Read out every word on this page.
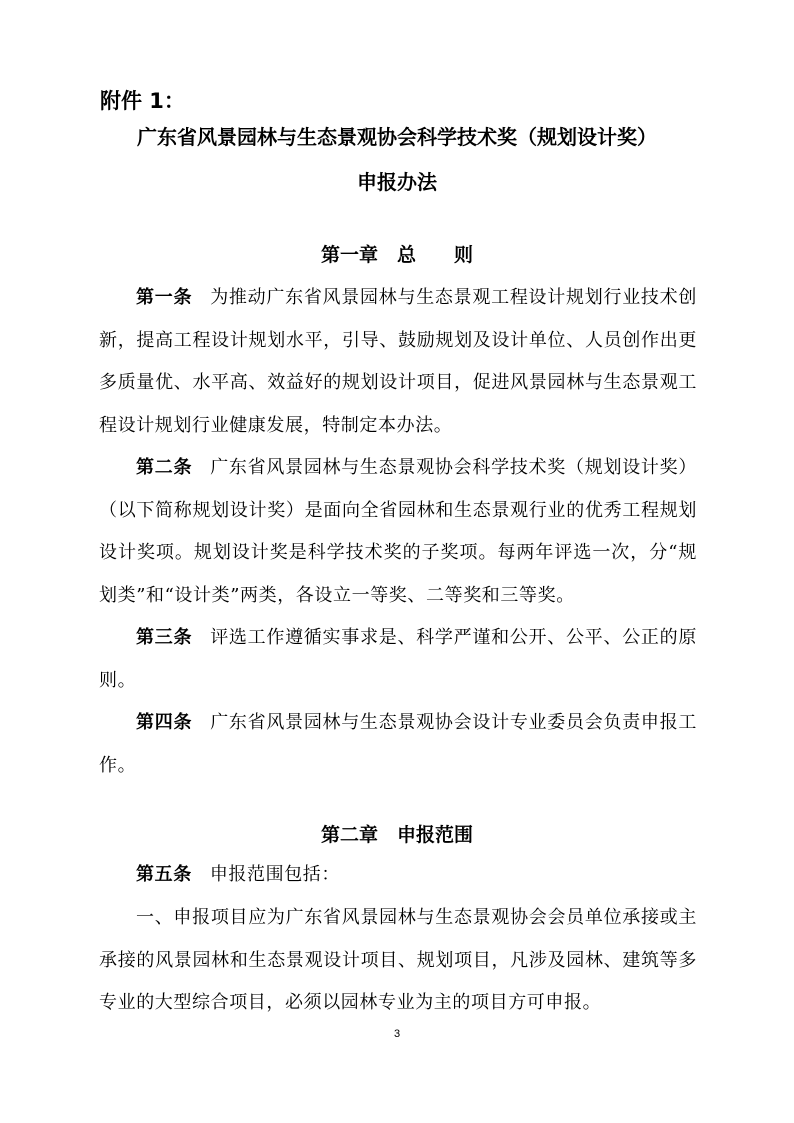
附件 1：
广东省风景园林与生态景观协会科学技术奖（规划设计奖）
申报办法
第一章　总　　则

第一条 为推动广东省风景园林与生态景观工程设计规划行业技术创新，提高工程设计规划水平，引导、鼓励规划及设计单位、人员创作出更多质量优、水平高、效益好的规划设计项目，促进风景园林与生态景观工程设计规划行业健康发展，特制定本办法。

第二条 广东省风景园林与生态景观协会科学技术奖（规划设计奖）（以下简称规划设计奖）是面向全省园林和生态景观行业的优秀工程规划设计奖项。规划设计奖是科学技术奖的子奖项。每两年评选一次，分“规划类”和“设计类”两类，各设立一等奖、二等奖和三等奖。

第三条 评选工作遵循实事求是、科学严谨和公开、公平、公正的原则。

第四条 广东省风景园林与生态景观协会设计专业委员会负责申报工作。

第二章　申报范围

第五条 申报范围包括：

一、申报项目应为广东省风景园林与生态景观协会会员单位承接或主承接的风景园林和生态景观设计项目、规划项目，凡涉及园林、建筑等多专业的大型综合项目，必须以园林专业为主的项目方可申报。

3
